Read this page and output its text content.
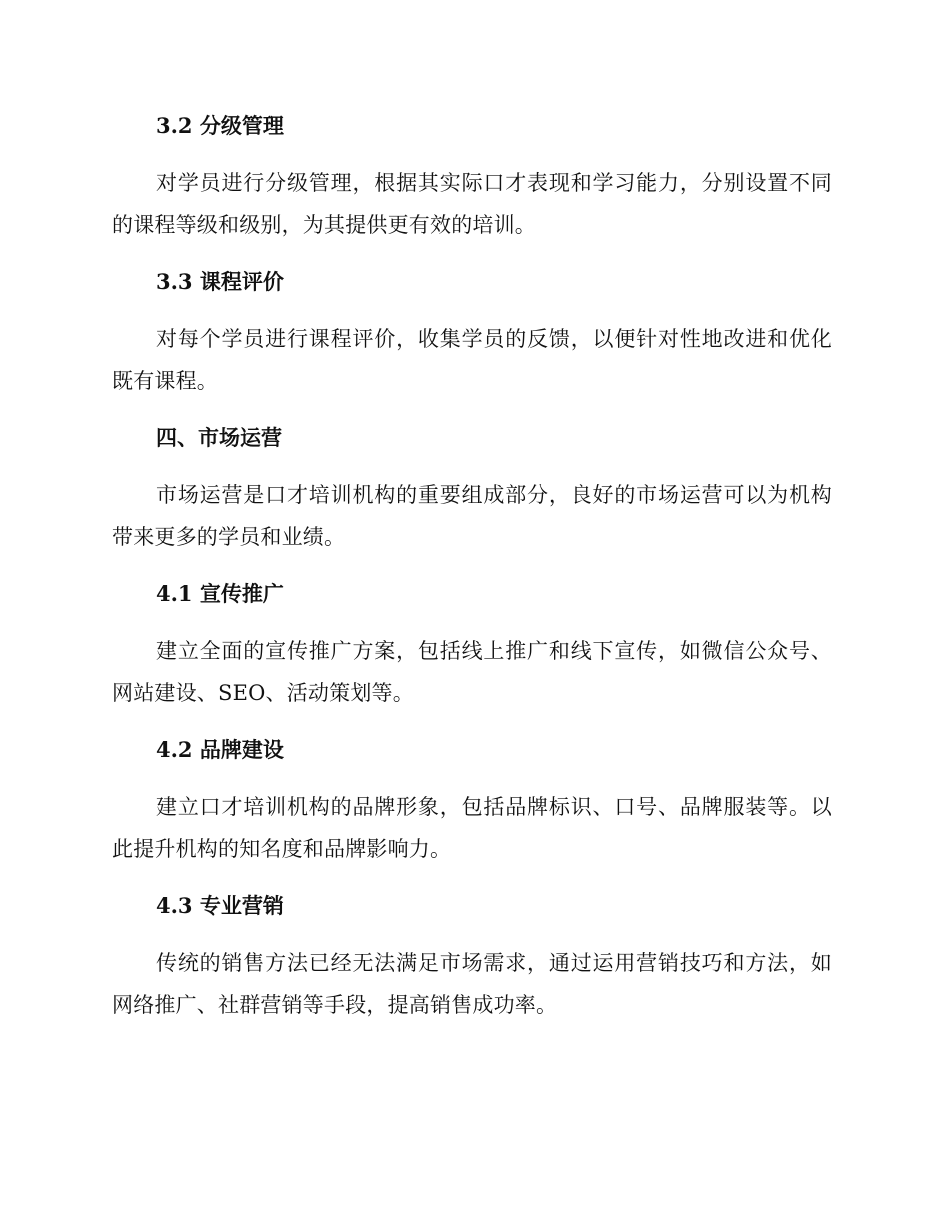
3.2 分级管理

对学员进行分级管理，根据其实际口才表现和学习能力，分别设置不同的课程等级和级别，为其提供更有效的培训。

3.3 课程评价

对每个学员进行课程评价，收集学员的反馈，以便针对性地改进和优化既有课程。

四、市场运营

市场运营是口才培训机构的重要组成部分，良好的市场运营可以为机构带来更多的学员和业绩。

4.1 宣传推广

建立全面的宣传推广方案，包括线上推广和线下宣传，如微信公众号、网站建设、SEO、活动策划等。

4.2 品牌建设

建立口才培训机构的品牌形象，包括品牌标识、口号、品牌服装等。以此提升机构的知名度和品牌影响力。

4.3 专业营销

传统的销售方法已经无法满足市场需求，通过运用营销技巧和方法，如网络推广、社群营销等手段，提高销售成功率。
